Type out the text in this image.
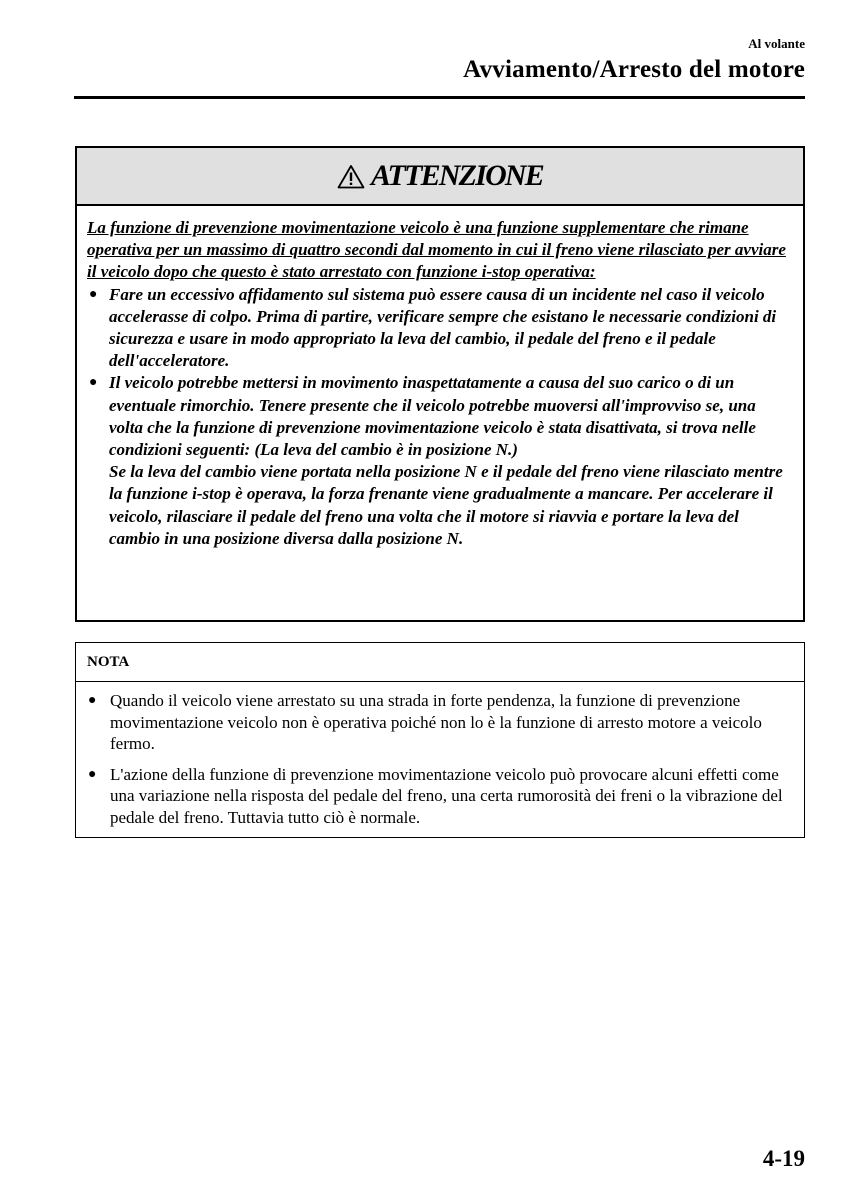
Al volante
Avviamento/Arresto del motore
ATTENZIONE

La funzione di prevenzione movimentazione veicolo è una funzione supplementare che rimane operativa per un massimo di quattro secondi dal momento in cui il freno viene rilasciato per avviare il veicolo dopo che questo è stato arrestato con funzione i-stop operativa:

● Fare un eccessivo affidamento sul sistema può essere causa di un incidente nel caso il veicolo accelerasse di colpo. Prima di partire, verificare sempre che esistano le necessarie condizioni di sicurezza e usare in modo appropriato la leva del cambio, il pedale del freno e il pedale dell'acceleratore.
● Il veicolo potrebbe mettersi in movimento inaspettatamente a causa del suo carico o di un eventuale rimorchio. Tenere presente che il veicolo potrebbe muoversi all'improvviso se, una volta che la funzione di prevenzione movimentazione veicolo è stata disattivata, si trova nelle condizioni seguenti: (La leva del cambio è in posizione N.)
Se la leva del cambio viene portata nella posizione N e il pedale del freno viene rilasciato mentre la funzione i-stop è operava, la forza frenante viene gradualmente a mancare. Per accelerare il veicolo, rilasciare il pedale del freno una volta che il motore si riavvia e portare la leva del cambio in una posizione diversa dalla posizione N.
NOTA
● Quando il veicolo viene arrestato su una strada in forte pendenza, la funzione di prevenzione movimentazione veicolo non è operativa poiché non lo è la funzione di arresto motore a veicolo fermo.
● L'azione della funzione di prevenzione movimentazione veicolo può provocare alcuni effetti come una variazione nella risposta del pedale del freno, una certa rumorosità dei freni o la vibrazione del pedale del freno. Tuttavia tutto ciò è normale.
4-19
